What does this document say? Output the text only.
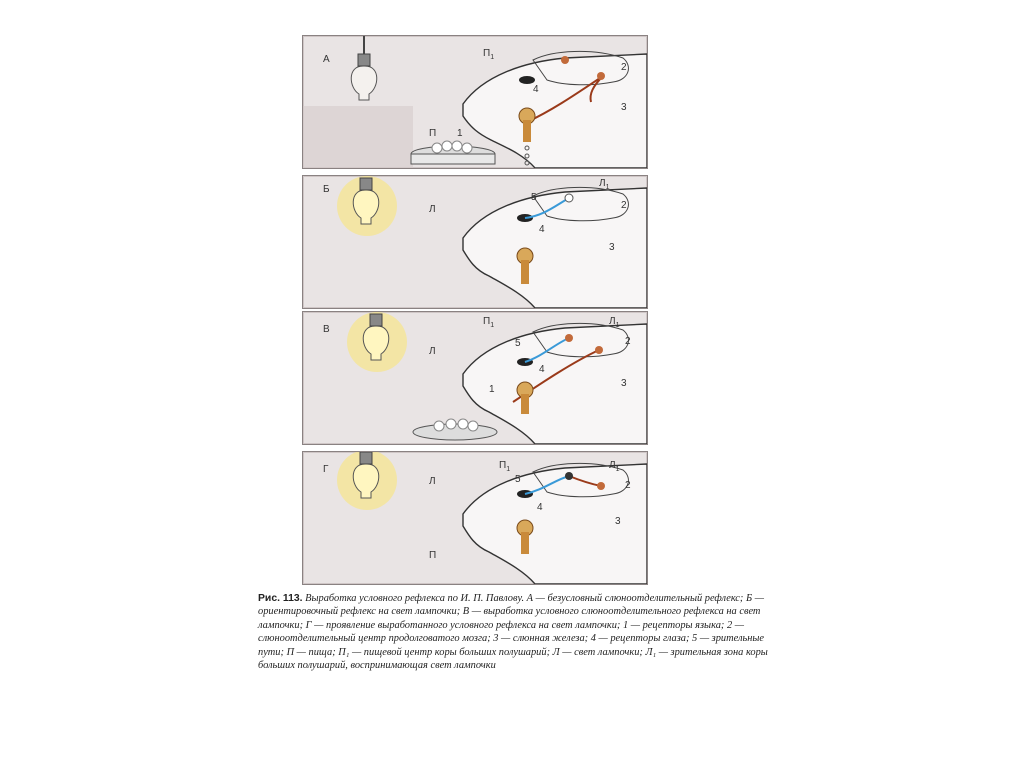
А
П
$П_1$
1
2
3
4
Б
Л
$Л_1$
2
3
4
5
В
Л
$П_1$	$Л_1$
1
2
3
4
5
Г
Л
П
$П_1$	$Л_1$
2
3
4
5
Рис. 113. Выработка условного рефлекса по И. П. Павлову. А — безусловный слюноотделительный рефлекс; Б — ориентировочный рефлекс на свет лампочки; В — выработка условного слюноотделительного рефлекса на свет лампочки; Г — проявление выработанного условного рефлекса на свет лампочки; 1 — рецепторы языка; 2 — слюноотделительный центр продолговатого мозга; 3 — слюнная железа; 4 — рецепторы глаза; 5 — зрительные пути; П — пища; П₁ — пищевой центр коры больших полушарий; Л — свет лампочки; Л₁ — зрительная зона коры больших полушарий, воспринимающая свет лампочки
